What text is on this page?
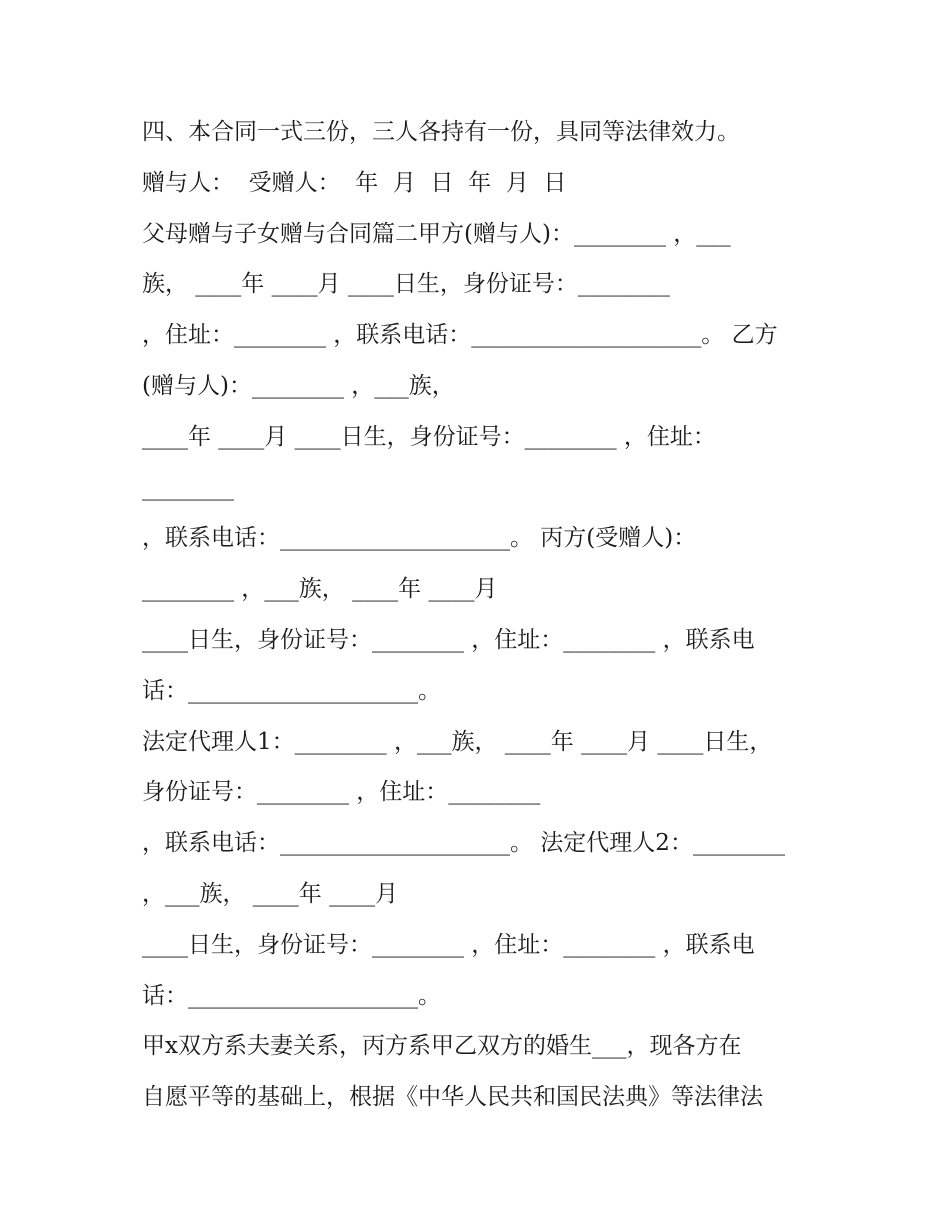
四、本合同一式三份，三人各持有一份，具同等法律效力。
赠与人：  受赠人：  年  月  日  年  月  日
父母赠与子女赠与合同篇二甲方(赠与人)：________ ，___
族， ____年 ____月 ____日生，身份证号：________
，住址：________ ，联系电话：____________________。 乙方
(赠与人)：________ ，___族，
____年 ____月 ____日生，身份证号：________ ，住址：
________
，联系电话：____________________。 丙方(受赠人)：
________ ，___族， ____年 ____月
____日生，身份证号：________ ，住址：________ ，联系电
话：____________________。
法定代理人1：________ ，___族， ____年 ____月 ____日生，
身份证号：________ ，住址：________
，联系电话：____________________。 法定代理人2：________
，___族， ____年 ____月
____日生，身份证号：________ ，住址：________ ，联系电
话：____________________。
甲x双方系夫妻关系，丙方系甲乙双方的婚生___，现各方在
自愿平等的基础上，根据《中华人民共和国民法典》等法律法
